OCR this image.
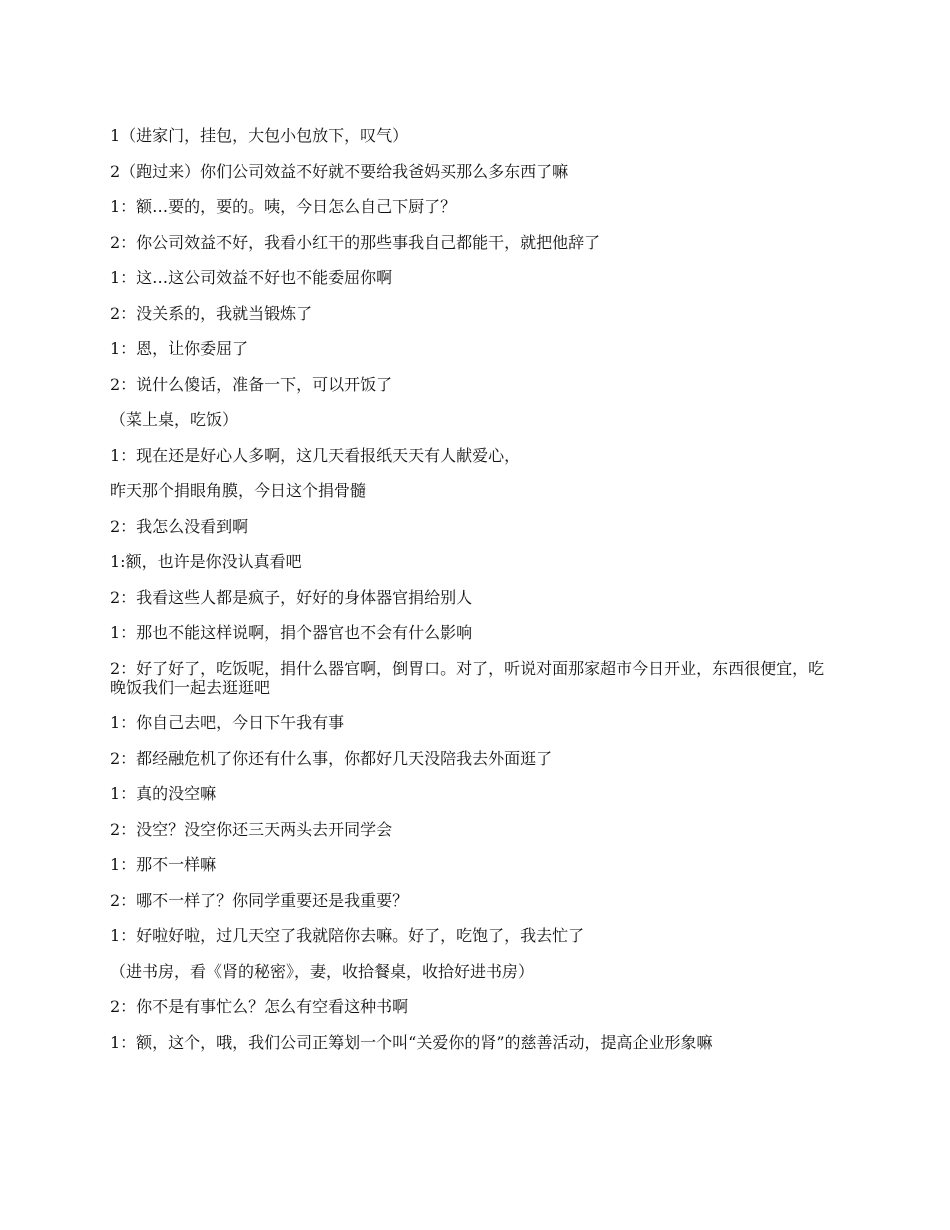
1（进家门，挂包，大包小包放下，叹气）

2（跑过来）你们公司效益不好就不要给我爸妈买那么多东西了嘛

1：额…要的，要的。咦，今日怎么自己下厨了？

2：你公司效益不好，我看小红干的那些事我自己都能干，就把他辞了

1：这…这公司效益不好也不能委屈你啊

2：没关系的，我就当锻炼了

1：恩，让你委屈了

2：说什么傻话，准备一下，可以开饭了

（菜上桌，吃饭）

1：现在还是好心人多啊，这几天看报纸天天有人献爱心，

昨天那个捐眼角膜，今日这个捐骨髓

2：我怎么没看到啊

1:额，也许是你没认真看吧

2：我看这些人都是疯子，好好的身体器官捐给别人

1：那也不能这样说啊，捐个器官也不会有什么影响

2：好了好了，吃饭呢，捐什么器官啊，倒胃口。对了，听说对面那家超市今日开业，东西很便宜，吃晚饭我们一起去逛逛吧

1：你自己去吧，今日下午我有事

2：都经融危机了你还有什么事，你都好几天没陪我去外面逛了

1：真的没空嘛

2：没空？没空你还三天两头去开同学会

1：那不一样嘛

2：哪不一样了？你同学重要还是我重要？

1：好啦好啦，过几天空了我就陪你去嘛。好了，吃饱了，我去忙了

（进书房，看《肾的秘密》，妻，收拾餐桌，收拾好进书房）

2：你不是有事忙么？怎么有空看这种书啊

1：额，这个，哦，我们公司正筹划一个叫“关爱你的肾”的慈善活动，提高企业形象嘛
